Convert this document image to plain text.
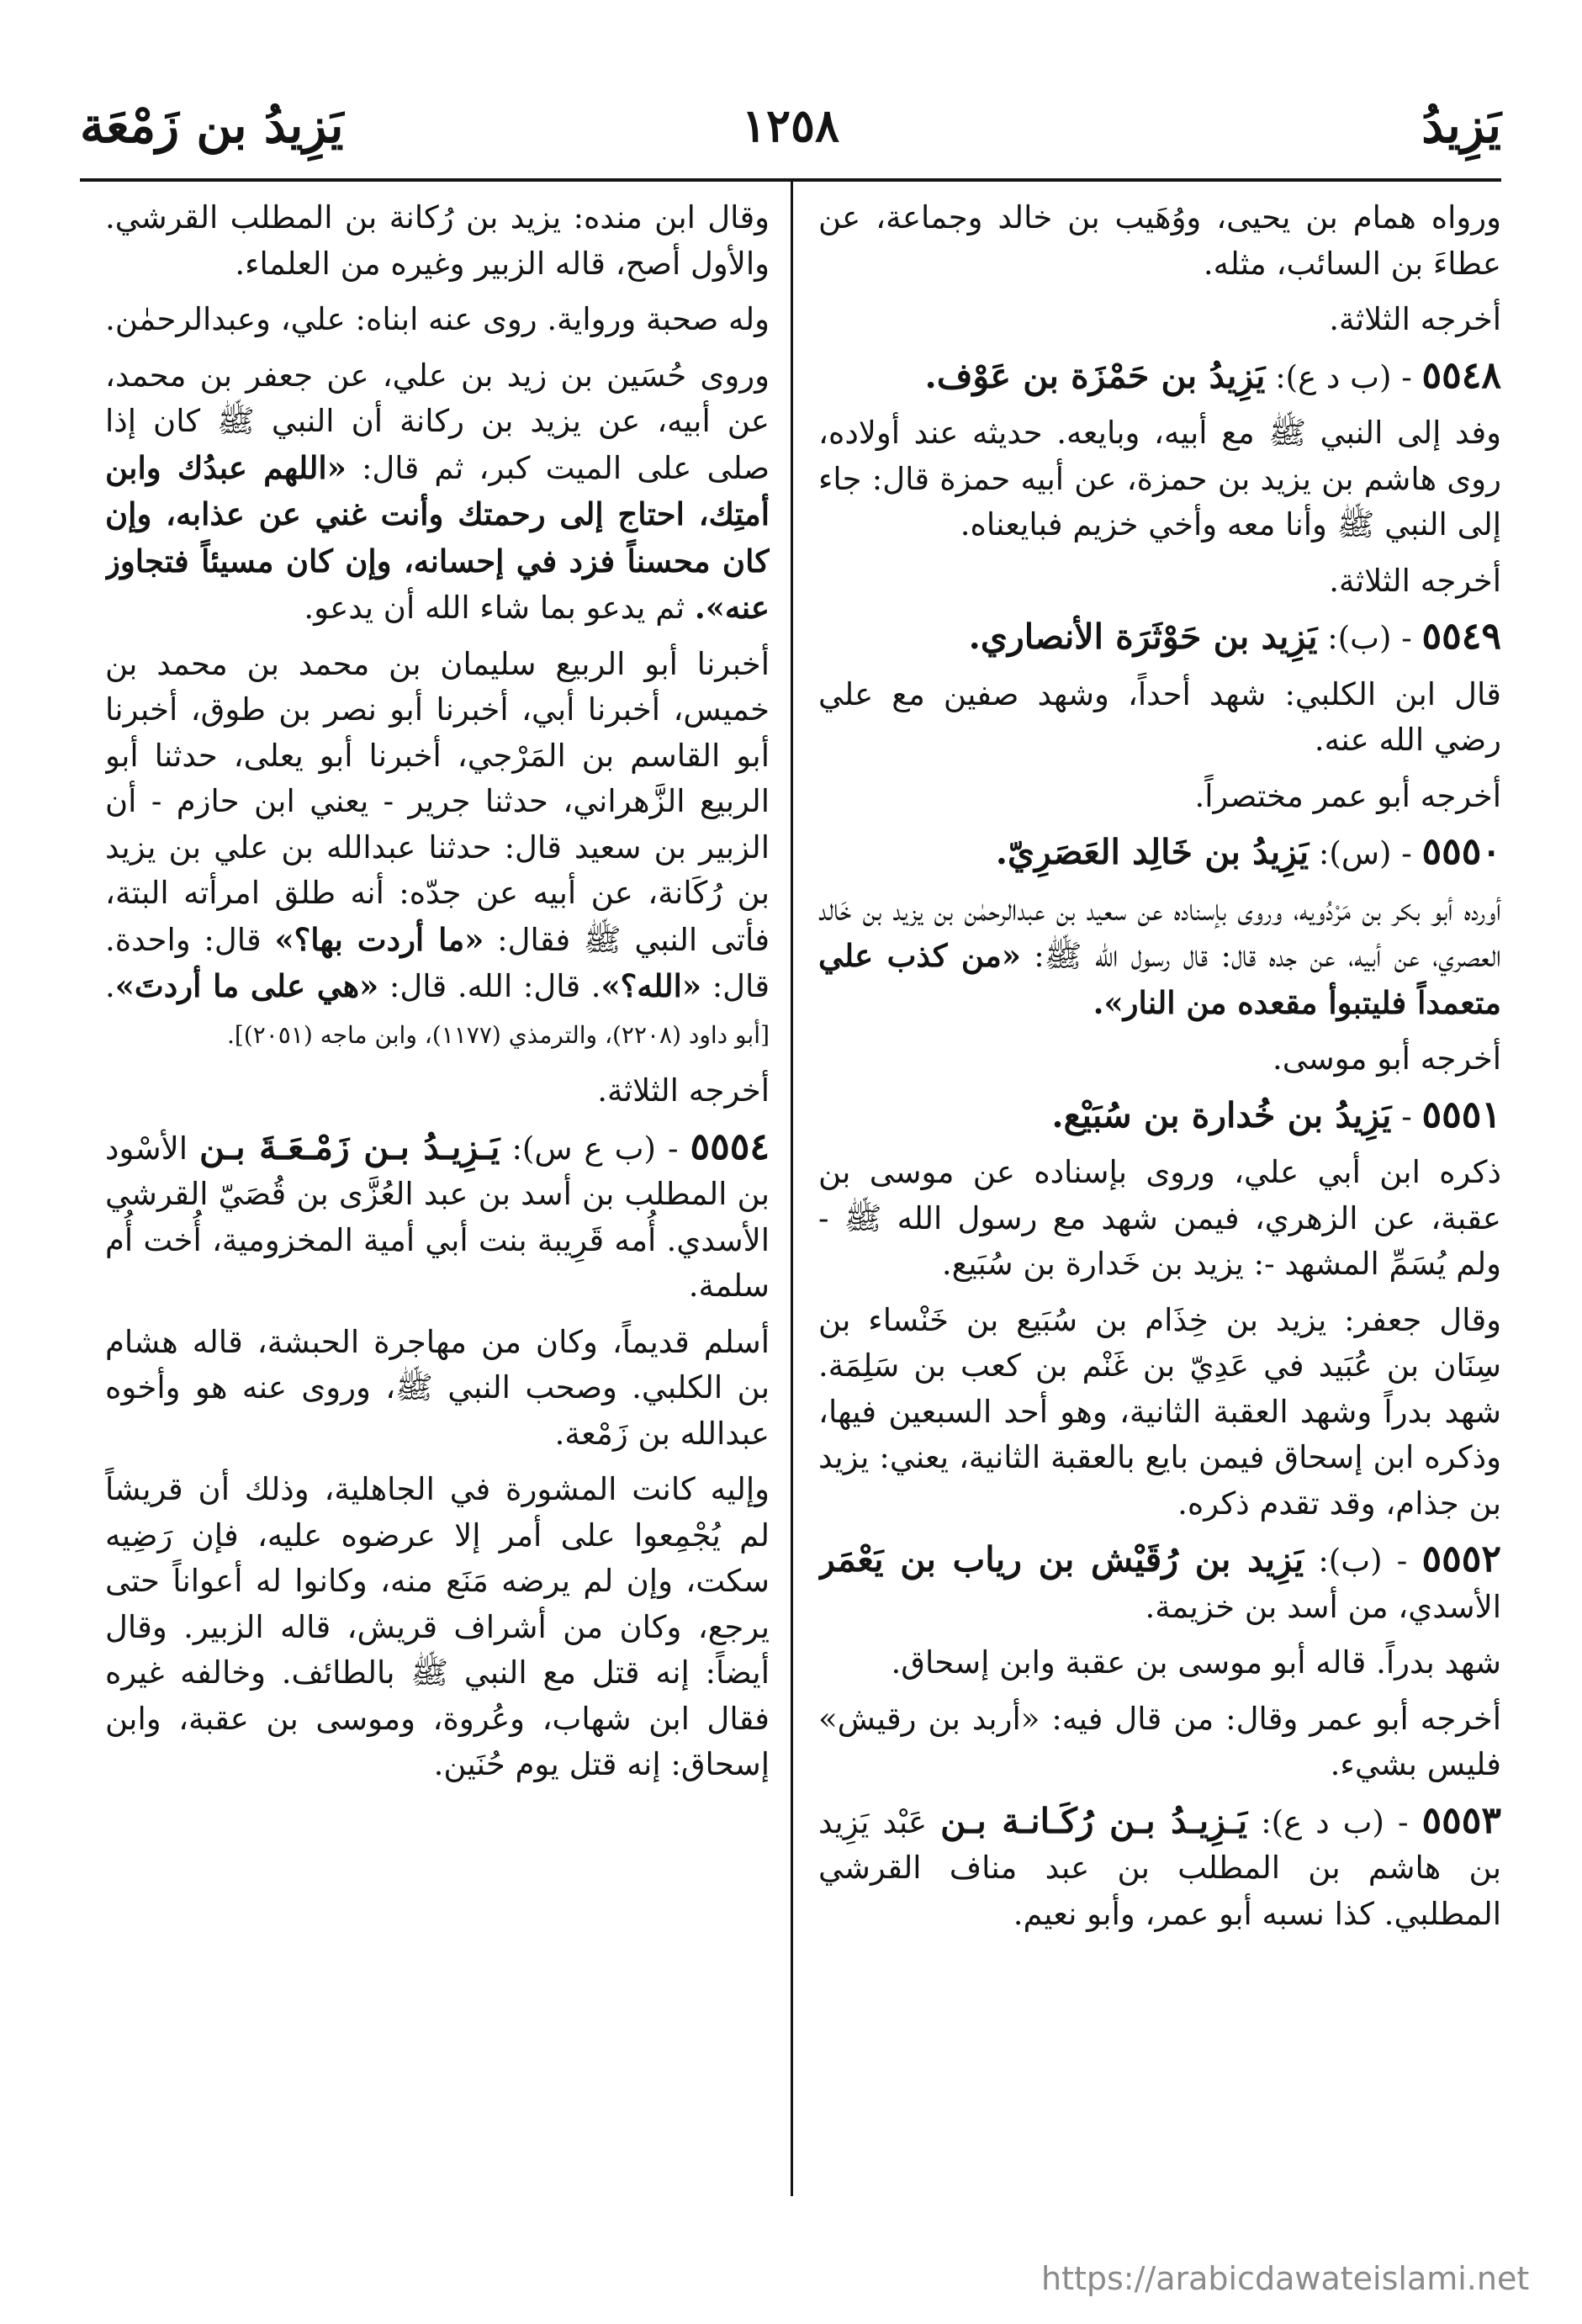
يَزِيدُ
١٢٥٨
يَزِيدُ بن زَمْعَة

ورواه همام بن يحيى، ووُهَيب بن خالد وجماعة، عن عطاءَ بن السائب، مثله.

أخرجه الثلاثة.

٥٥٤٨ - (ب د ع): يَزِيدُ بن حَمْزَة بن عَوْف.

وفد إلى النبي ﷺ مع أبيه، وبايعه. حديثه عند أولاده، روى هاشم بن يزيد بن حمزة، عن أبيه حمزة قال: جاء إلى النبي ﷺ وأنا معه وأخي خزيم فبايعناه.

أخرجه الثلاثة.

٥٥٤٩ - (ب): يَزِيد بن حَوْثَرَة الأنصاري.

قال ابن الكلبي: شهد أحداً، وشهد صفين مع علي رضي الله عنه.

أخرجه أبو عمر مختصراً.

٥٥٥٠ - (س): يَزِيدُ بن خَالِد العَصَرِيّ.

أورده أبو بكر بن مَرْدُويه، وروى بإسناده عن سعيد بن عبدالرحمٰن بن يزيد بن خَالد العصري، عن أبيه، عن جده قال: قال رسول الله ﷺ: «من كذب علي متعمداً فليتبوأ مقعده من النار».

أخرجه أبو موسى.

٥٥٥١ - يَزِيدُ بن خُدارة بن سُبَيْع.

ذكره ابن أبي علي، وروى بإسناده عن موسى بن عقبة، عن الزهري، فيمن شهد مع رسول الله ﷺ - ولم يُسَمِّ المشهد -: يزيد بن خَدارة بن سُبَيع.

وقال جعفر: يزيد بن خِذَام بن سُبَيع بن خَنْساء بن سِنَان بن عُبَيد في عَدِيّ بن غَنْم بن كعب بن سَلِمَة. شهد بدراً وشهد العقبة الثانية، وهو أحد السبعين فيها، وذكره ابن إسحاق فيمن بايع بالعقبة الثانية، يعني: يزيد بن جذام، وقد تقدم ذكره.

٥٥٥٢ - (ب): يَزِيد بن رُقَيْش بن رياب بن يَعْمَر الأسدي، من أسد بن خزيمة.

شهد بدراً. قاله أبو موسى بن عقبة وابن إسحاق.

أخرجه أبو عمر وقال: من قال فيه: «أربد بن رقيش» فليس بشيء.

٥٥٥٣ - (ب د ع): يَـزِيـدُ بـن رُكَـانـة بـن عَبْد يَزِيد بن هاشم بن المطلب بن عبد مناف القرشي المطلبي. كذا نسبه أبو عمر، وأبو نعيم.

وقال ابن منده: يزيد بن رُكانة بن المطلب القرشي. والأول أصح، قاله الزبير وغيره من العلماء.

وله صحبة ورواية. روى عنه ابناه: علي، وعبدالرحمٰن.

وروى حُسَين بن زيد بن علي، عن جعفر بن محمد، عن أبيه، عن يزيد بن ركانة أن النبي ﷺ كان إذا صلى على الميت كبر، ثم قال: «اللهم عبدُك وابن أمتِك، احتاج إلى رحمتك وأنت غني عن عذابه، وإن كان محسناً فزد في إحسانه، وإن كان مسيئاً فتجاوز عنه». ثم يدعو بما شاء الله أن يدعو.

أخبرنا أبو الربيع سليمان بن محمد بن محمد بن خميس، أخبرنا أبي، أخبرنا أبو نصر بن طوق، أخبرنا أبو القاسم بن المَرْجي، أخبرنا أبو يعلى، حدثنا أبو الربيع الزَّهراني، حدثنا جرير - يعني ابن حازم - أن الزبير بن سعيد قال: حدثنا عبدالله بن علي بن يزيد بن رُكَانة، عن أبيه عن جدّه: أنه طلق امرأته البتة، فأتى النبي ﷺ فقال: «ما أردت بها؟» قال: واحدة. قال: «الله؟». قال: الله. قال: «هي على ما أردتَ». [أبو داود (٢٢٠٨)، والترمذي (١١٧٧)، وابن ماجه (٢٠٥١)].

أخرجه الثلاثة.

٥٥٥٤ - (ب ع س): يَـزِيـدُ بـن زَمْـعَـةَ بـن الأسْود بن المطلب بن أسد بن عبد العُزَّى بن قُصَيّ القرشي الأسدي. أُمه قَرِيبة بنت أبي أمية المخزومية، أُخت أُم سلمة.

أسلم قديماً، وكان من مهاجرة الحبشة، قاله هشام بن الكلبي. وصحب النبي ﷺ، وروى عنه هو وأخوه عبدالله بن زَمْعة.

وإليه كانت المشورة في الجاهلية، وذلك أن قريشاً لم يُجْمِعوا على أمر إلا عرضوه عليه، فإن رَضِيه سكت، وإن لم يرضه مَنَع منه، وكانوا له أعواناً حتى يرجع، وكان من أشراف قريش، قاله الزبير. وقال أيضاً: إنه قتل مع النبي ﷺ بالطائف. وخالفه غيره فقال ابن شهاب، وعُروة، وموسى بن عقبة، وابن إسحاق: إنه قتل يوم حُنَين.

https://arabicdawateislami.net
